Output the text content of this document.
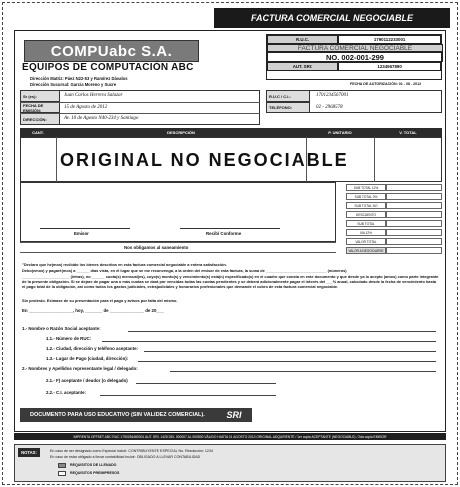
FACTURA COMERCIAL NEGOCIABLE
COMPUabc S.A.
EQUIPOS DE COMPUTACIÓN ABC
Dirección Matriz: Páez N22-53 y Ramírez Dávalos
Dirección Sucursal: García Moreno y Sucre
R.U.C.	1790112233001
FACTURA COMERCIAL NEGOCIABLE
NO. 002-001-299
AUT. SRI:	1234567890
FECHA DE AUTORIZACIÓN: 01 - 08 - 2012
Sr (es):	Juan Carlos Herrera Salazar
FECHA DE EMISIÓN:	15 de Agosto de 2012
DIRECCIÓN:	Av. 10 de Agosto N40-234 y Santiago
R.U.C / C.I.:	1701234567001
TELÉFONO:	02 - 2968578
CANT.	DESCRIPCIÓN	P. UNITARIO	V. TOTAL
ORIGINAL NO NEGOCIABLE
Emisor	Recibí Conforme
Nos obligamos al saneamiento
SUB TOTAL 12%
SUB TOTAL 0%
SUB TOTAL NO
DESCUENTO
SUB TOTAL
IVA 12%
VALOR TOTAL
VALOR A NEGOCIARSE
"Declaro que he(mos) recibido los bienes descritos en esta factura comercial negociable a entera satisfacción.
Debo(emos) y pagaré(mos) a ______ días vista, en el lugar que se me reconvenga, a la orden del emisor de esta factura, la suma de ____________________________ (números)
______________________ (letras), no ______ cuota(s) mensual(es), cuyo(s) monto(s) y vencimiento(s) está(n) especificado(s) en el cuadro que consta en este documento y que desde ya lo acepto (amos) como parte integrante de la presente obligación. Si se dejare de pagar una o más cuotas se dará por vencidas todas las cuotas pendientes y se deberá adicionalmente pagar el interés del ___% anual, calculado desde la fecha de vencimiento hasta el pago total de la obligación, así como todos los gastos judiciales, extrajudiciales y honorarios profesionales que demande el cobro de esta factura comercial negociable.
Sin protesto. Eximase de su presentación para el pago y avisos por falta del mismo.
En __________________, hoy, _______ de ______________ de 20___
1.- Nombre o Razón Social aceptante:
1.1.- Número de RUC:
1.2.- Ciudad, dirección y teléfono aceptante:
1.3.- Lugar de Pago (ciudad, dirección):
2.- Nombres y Apellidos representante legal / delegado:
2.1.- F) aceptante / deudor (o delegado)
2.2.- C.I. aceptante:
DOCUMENTO PARA USO EDUCATIVO (SIN VALIDEZ COMERCIAL).	SRI
IMPRENTA OFFSET ABC RUC 1790254460001 AUT. SRI. 1425 DEL 000007 AL 000500 VÁLIDO HASTA 01 AGOSTO 2013 ORIGINAL ADQUIRENTE / 1er copia ACEPTANTE (NEGOCIABLE) / 2da copia EMISOR
NOTAS:	En caso de ser designado como Especial incluir: CONTRIBUYENTE ESPECIAL No. Resolución: 1234
En caso de estar obligado a llevar contabilidad incluir: OBLIGADO A LLEVAR CONTABILIDAD
REQUISITOS DE LLENADO
REQUISITOS PREIMPRESOS
